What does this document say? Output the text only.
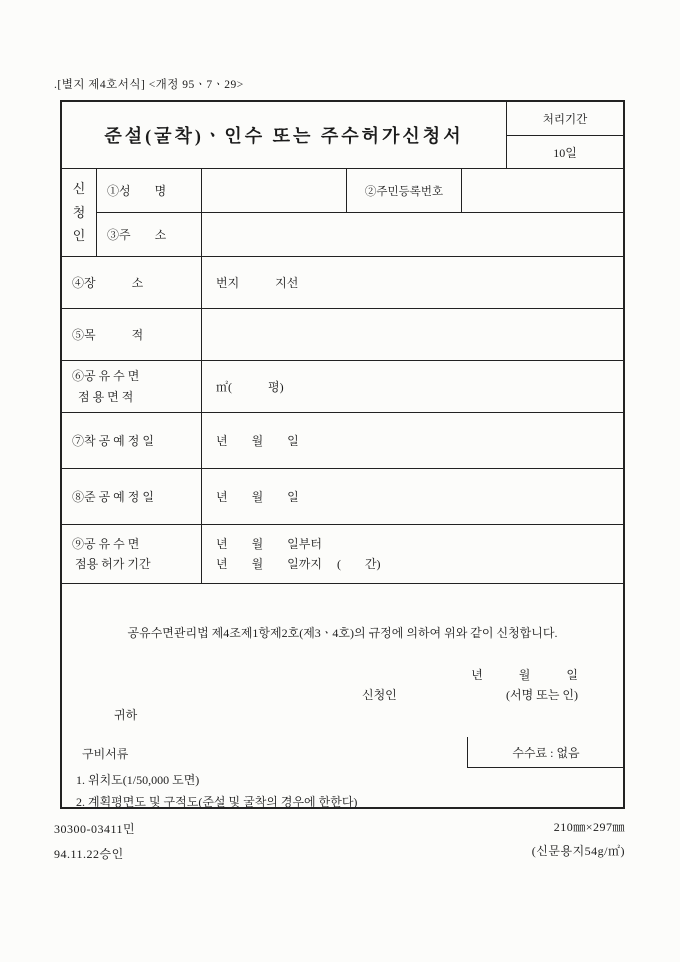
.[별지 제4호서식] <개정 95ㆍ7ㆍ29>
준설(굴착)ㆍ인수 또는 주수허가신청서
처리기간
10일
신청인
①성        명	②주민등록번호
③주        소
④장            소	번지            지선
⑤목            적
⑥공 유 수 면
점 용 면 적
㎡(            평)
⑦착 공 예 정 일	년        월        일
⑧준 공 예 정 일	년        월        일
⑨공 유 수 면
점용 허가 기간
년        월        일부터
년        월        일까지     (        간)
공유수면관리법 제4조제1항제2호(제3ㆍ4호)의 규정에 의하여 위와 같이 신청합니다.
년            월            일
신청인	(서명 또는 인)
귀하
구비서류	수수료 : 없음
1. 위치도(1/50,000 도면)
2. 계획평면도 및 구적도(준설 및 굴착의 경우에 한한다)
30300-03411민
94.11.22승인
210㎜×297㎜
(신문용지54g/㎡)
